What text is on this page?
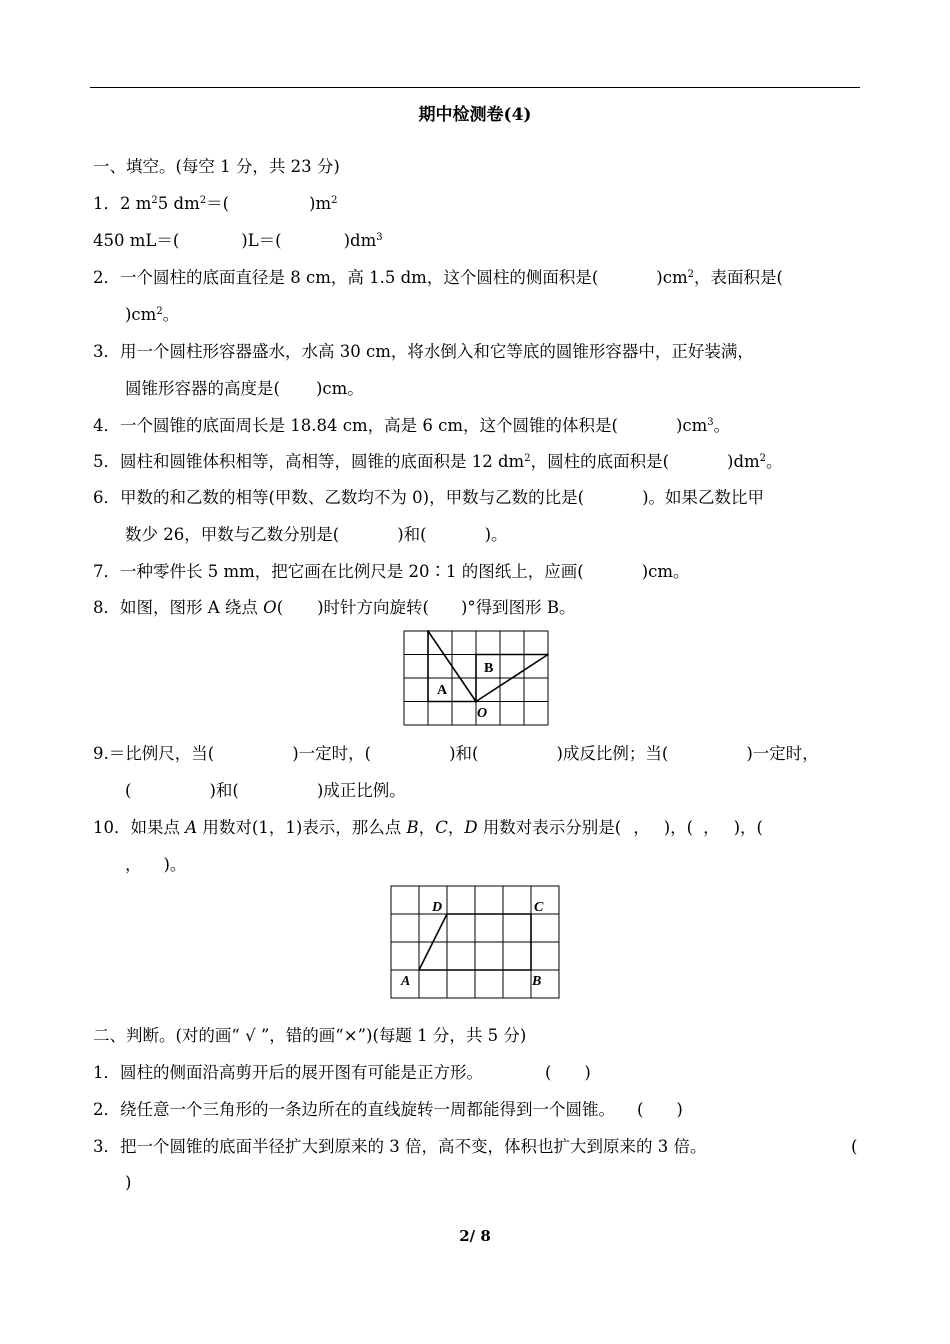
期中检测卷(4)
一、填空。(每空 1 分，共 23 分)
1．2 $m^25$ $dm^2=$(	)$m^2$
450 mL＝(	)L＝(	)$dm^3$
2．一个圆柱的底面直径是 8 cm，高 1.5 dm，这个圆柱的侧面积是(	)$cm^2$，表面积是(
)$cm^2$。
3．用一个圆柱形容器盛水，水高 30 cm，将水倒入和它等底的圆锥形容器中，正好装满，
圆锥形容器的高度是( )cm。
4．一个圆锥的底面周长是 18.84 cm，高是 6 cm，这个圆锥的体积是(	)$cm^3$。
5．圆柱和圆锥体积相等，高相等，圆锥的底面积是 12 $dm^2$，圆柱的底面积是(	)$dm^2$。
6．甲数的和乙数的相等(甲数、乙数均不为 0)，甲数与乙数的比是(	)。如果乙数比甲
数少 26，甲数与乙数分别是(	)和(	)。
7．一种零件长 5 mm，把它画在比例尺是 20∶1 的图纸上，应画(	)cm。
8．如图，图形 A 绕点 O( )时针方向旋转( )°得到图形 B。
A
B
O
9.＝比例尺，当(	)一定时，(	)和(	)成反比例；当(	)一定时，
(	)和(	)成正比例。
10．如果点 A 用数对(1，1)表示，那么点 B，C，D 用数对表示分别是( ， )，( ， )，(
， )。
A	B
C
D
二、判断。(对的画“ √ ”，错的画“×”)(每题 1 分，共 5 分)
1．圆柱的侧面沿高剪开后的展开图有可能是正方形。	(　　)
2．绕任意一个三角形的一条边所在的直线旋转一周都能得到一个圆锥。 (　　)
3．把一个圆锥的底面半径扩大到原来的 3 倍，高不变，体积也扩大到原来的 3 倍。	(
)
2/ 8
